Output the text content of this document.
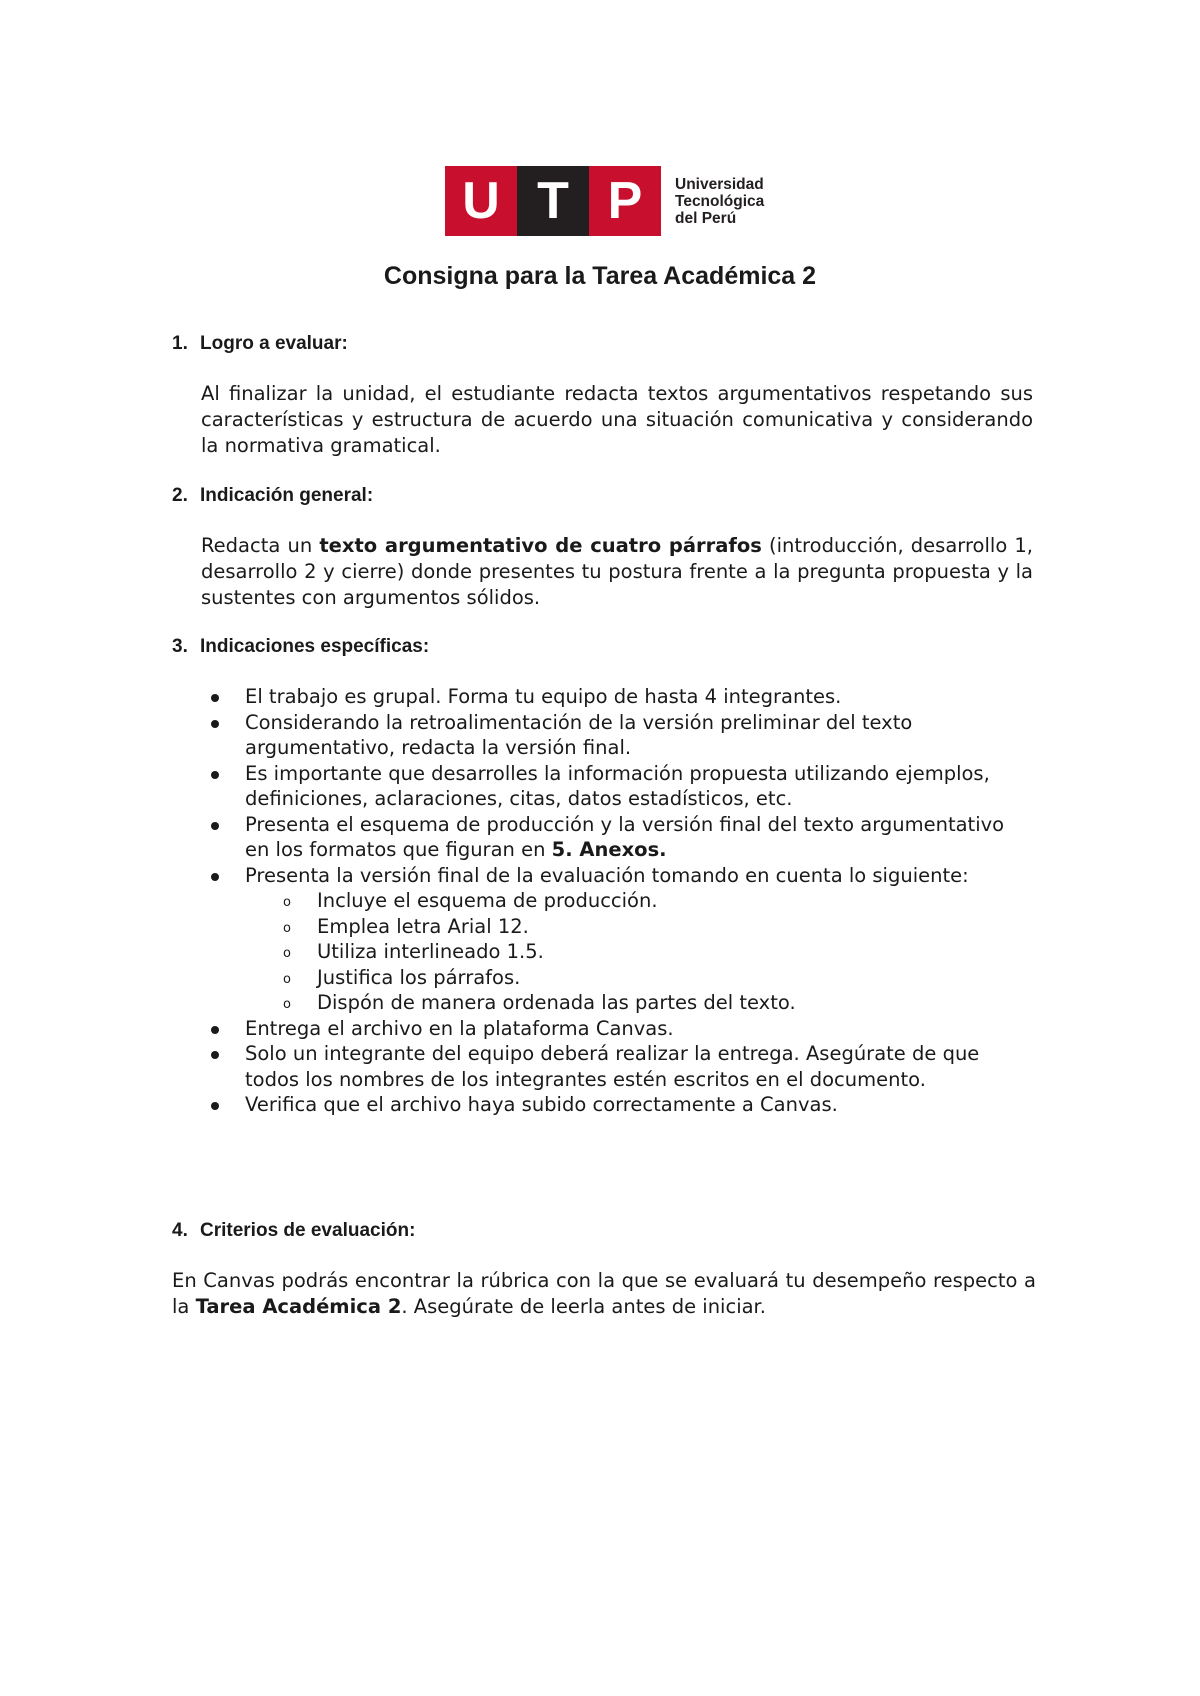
U T P	Universidad
Tecnológica
del Perú
Consigna para la Tarea Académica 2
1. Logro a evaluar:

Al finalizar la unidad, el estudiante redacta textos argumentativos respetando sus características y estructura de acuerdo una situación comunicativa y considerando la normativa gramatical.

2. Indicación general:

Redacta un texto argumentativo de cuatro párrafos (introducción, desarrollo 1, desarrollo 2 y cierre) donde presentes tu postura frente a la pregunta propuesta y la sustentes con argumentos sólidos.

3. Indicaciones específicas:
El trabajo es grupal. Forma tu equipo de hasta 4 integrantes.
Considerando la retroalimentación de la versión preliminar del texto argumentativo, redacta la versión final.
Es importante que desarrolles la información propuesta utilizando ejemplos, definiciones, aclaraciones, citas, datos estadísticos, etc.
Presenta el esquema de producción y la versión final del texto argumentativo en los formatos que figuran en 5. Anexos.
Presenta la versión final de la evaluación tomando en cuenta lo siguiente:
o Incluye el esquema de producción.
o Emplea letra Arial 12.
o Utiliza interlineado 1.5.
o Justifica los párrafos.
o Dispón de manera ordenada las partes del texto.
Entrega el archivo en la plataforma Canvas.
Solo un integrante del equipo deberá realizar la entrega. Asegúrate de que todos los nombres de los integrantes estén escritos en el documento.
Verifica que el archivo haya subido correctamente a Canvas.
4. Criterios de evaluación:

En Canvas podrás encontrar la rúbrica con la que se evaluará tu desempeño respecto a la Tarea Académica 2. Asegúrate de leerla antes de iniciar.
